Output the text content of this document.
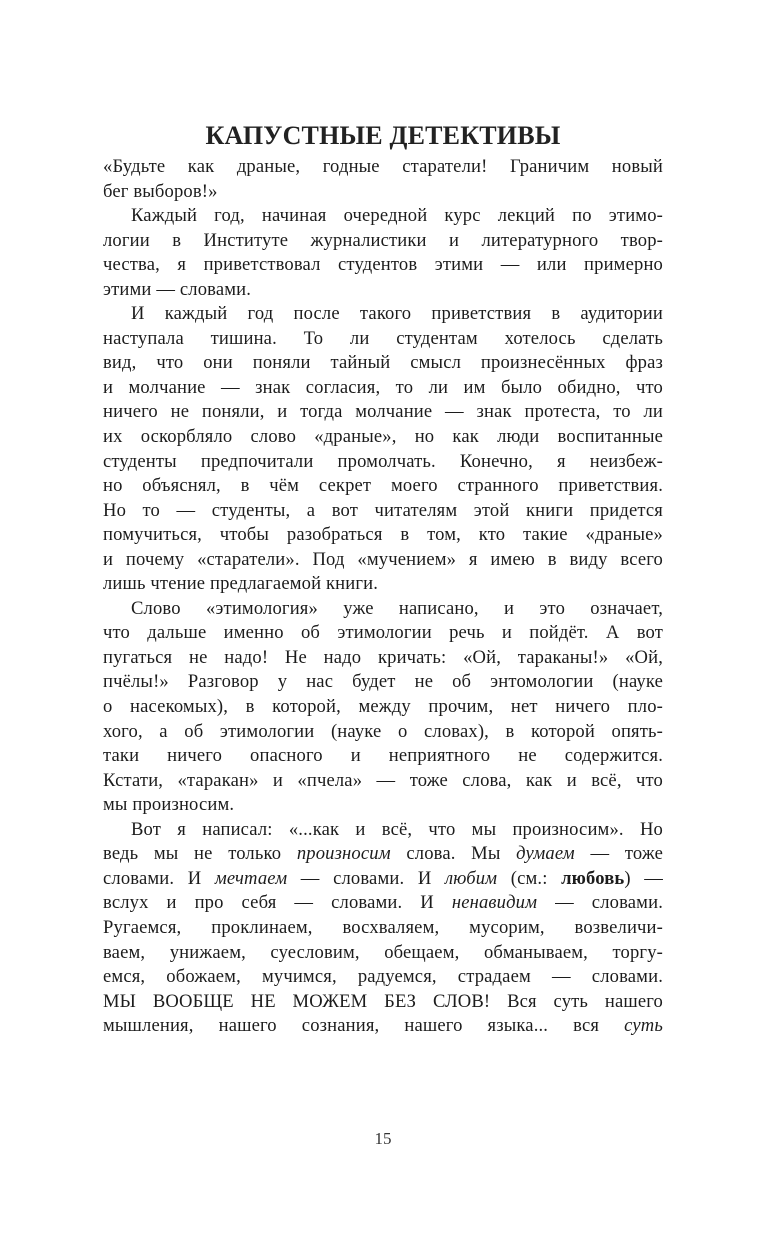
КАПУСТНЫЕ ДЕТЕКТИВЫ
«Будьте как драные, годные старатели! Граничим новый
бег выборов!»
Каждый год, начиная очередной курс лекций по этимо-
логии в Институте журналистики и литературного твор-
чества, я приветствовал студентов этими — или примерно
этими — словами.
И каждый год после такого приветствия в аудитории
наступала тишина. То ли студентам хотелось сделать
вид, что они поняли тайный смысл произнесённых фраз
и молчание — знак согласия, то ли им было обидно, что
ничего не поняли, и тогда молчание — знак протеста, то ли
их оскорбляло слово «драные», но как люди воспитанные
студенты предпочитали промолчать. Конечно, я неизбеж-
но объяснял, в чём секрет моего странного приветствия.
Но то — студенты, а вот читателям этой книги придется
помучиться, чтобы разобраться в том, кто такие «драные»
и почему «старатели». Под «мучением» я имею в виду всего
лишь чтение предлагаемой книги.
Слово «этимология» уже написано, и это означает,
что дальше именно об этимологии речь и пойдёт. А вот
пугаться не надо! Не надо кричать: «Ой, тараканы!» «Ой,
пчёлы!» Разговор у нас будет не об энтомологии (науке
о насекомых), в которой, между прочим, нет ничего пло-
хого, а об этимологии (науке о словах), в которой опять-
таки ничего опасного и неприятного не содержится.
Кстати, «таракан» и «пчела» — тоже слова, как и всё, что
мы произносим.
Вот я написал: «...как и всё, что мы произносим». Но
ведь мы не только произносим слова. Мы думаем — тоже
словами. И мечтаем — словами. И любим (см.: любовь) —
вслух и про себя — словами. И ненавидим — словами.
Ругаемся, проклинаем, восхваляем, мусорим, возвеличи-
ваем, унижаем, суесловим, обещаем, обманываем, торгу-
емся, обожаем, мучимся, радуемся, страдаем — словами.
МЫ ВООБЩЕ НЕ МОЖЕМ БЕЗ СЛОВ! Вся суть нашего
мышления, нашего сознания, нашего языка... вся суть
15
